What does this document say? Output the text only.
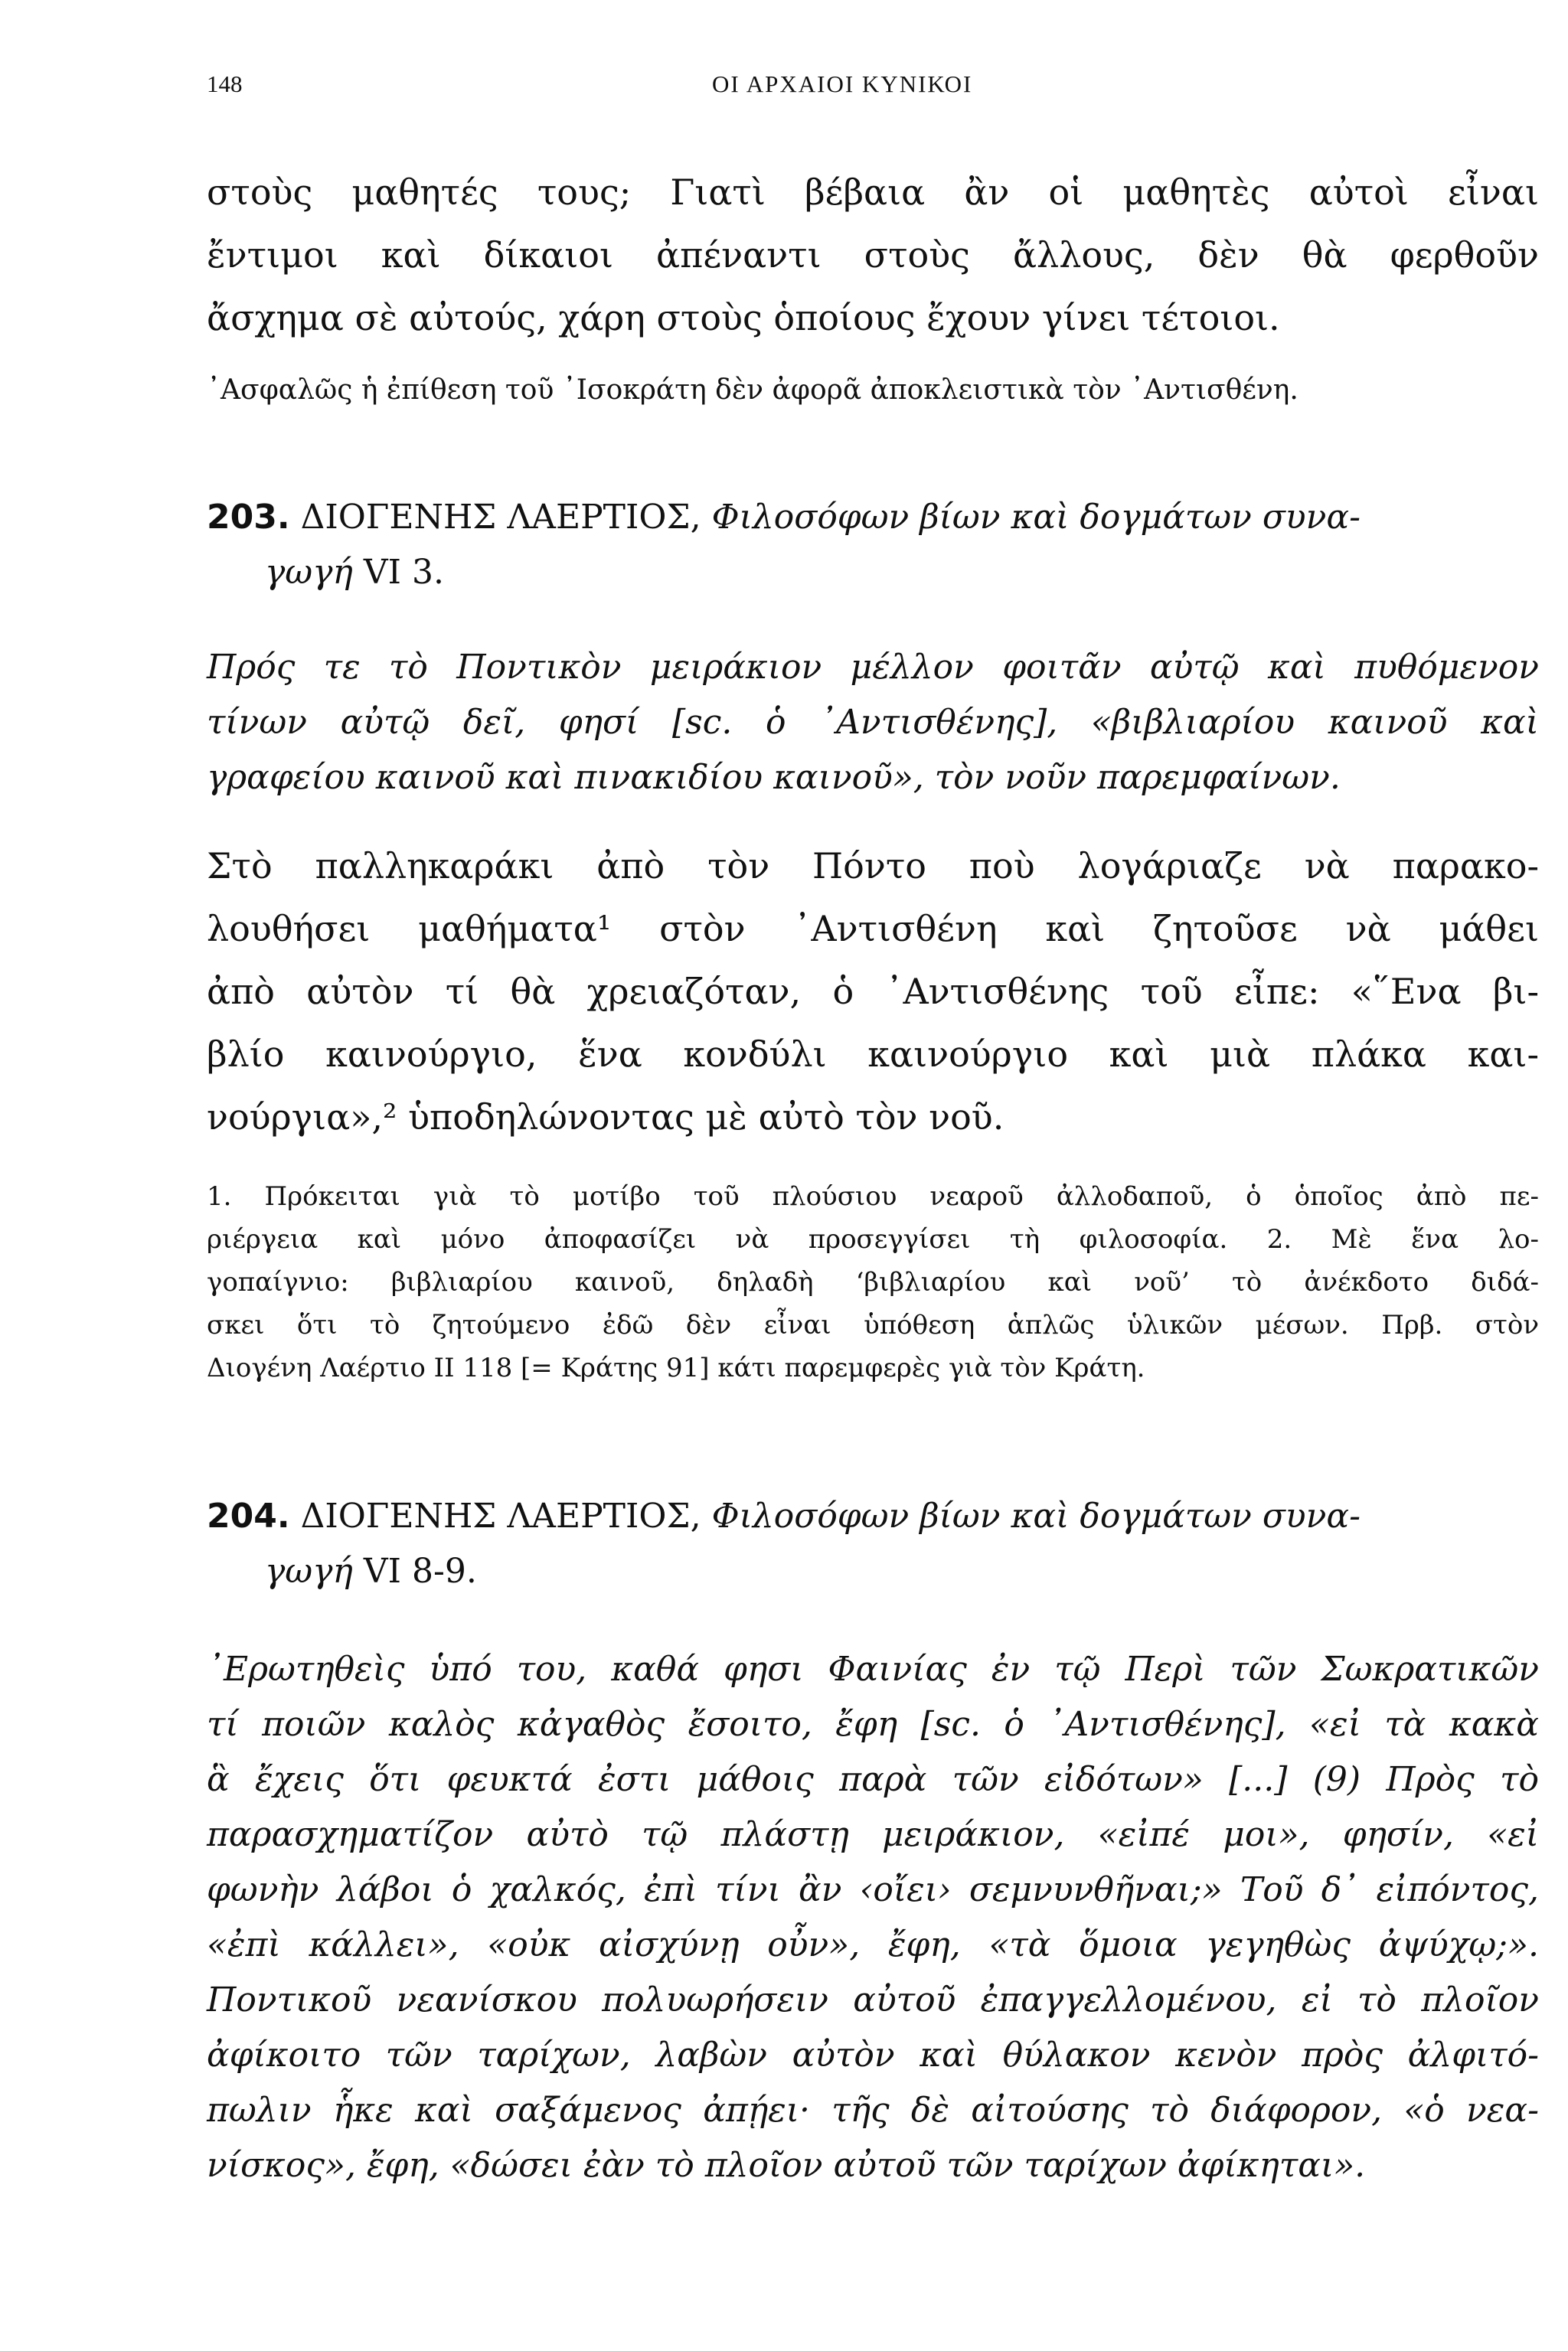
148	ΟΙ ΑΡΧΑΙΟΙ ΚΥΝΙΚΟΙ
στοὺς μαθητές τους; Γιατὶ βέβαια ἂν οἱ μαθητὲς αὐτοὶ εἶναι
ἔντιμοι καὶ δίκαιοι ἀπέναντι στοὺς ἄλλους, δὲν θὰ φερθοῦν
ἄσχημα σὲ αὐτούς, χάρη στοὺς ὁποίους ἔχουν γίνει τέτοιοι.
᾿Ασφαλῶς ἡ ἐπίθεση τοῦ ᾿Ισοκράτη δὲν ἀφορᾶ ἀποκλειστικὰ τὸν ᾿Αντισθένη.
203. ΔΙΟΓΕΝΗΣ ΛΑΕΡΤΙΟΣ, Φιλοσόφων βίων καὶ δογμάτων συνα-
γωγή VI 3.
Πρός τε τὸ Ποντικὸν μειράκιον μέλλον φοιτᾶν αὐτῷ καὶ πυθόμενον
τίνων αὐτῷ δεῖ, φησί [sc. ὁ ᾿Αντισθένης], «βιβλιαρίου καινοῦ καὶ
γραφείου καινοῦ καὶ πινακιδίου καινοῦ», τὸν νοῦν παρεμφαίνων.
Στὸ παλληκαράκι ἀπὸ τὸν Πόντο ποὺ λογάριαζε νὰ παρακο-
λουθήσει μαθήματα¹ στὸν ᾿Αντισθένη καὶ ζητοῦσε νὰ μάθει
ἀπὸ αὐτὸν τί θὰ χρειαζόταν, ὁ ᾿Αντισθένης τοῦ εἶπε: «῞Ενα βι-
βλίο καινούργιο, ἕνα κονδύλι καινούργιο καὶ μιὰ πλάκα και-
νούργια»,² ὑποδηλώνοντας μὲ αὐτὸ τὸν νοῦ.
1. Πρόκειται γιὰ τὸ μοτίβο τοῦ πλούσιου νεαροῦ ἀλλοδαποῦ, ὁ ὁποῖος ἀπὸ πε-
ριέργεια καὶ μόνο ἀποφασίζει νὰ προσεγγίσει τὴ φιλοσοφία. 2. Μὲ ἕνα λο-
γοπαίγνιο: βιβλιαρίου καινοῦ, δηλαδὴ ‘βιβλιαρίου καὶ νοῦ’ τὸ ἀνέκδοτο διδά-
σκει ὅτι τὸ ζητούμενο ἐδῶ δὲν εἶναι ὑπόθεση ἁπλῶς ὑλικῶν μέσων. Πρβ. στὸν
Διογένη Λαέρτιο ΙΙ 118 [= Κράτης 91] κάτι παρεμφερὲς γιὰ τὸν Κράτη.
204. ΔΙΟΓΕΝΗΣ ΛΑΕΡΤΙΟΣ, Φιλοσόφων βίων καὶ δογμάτων συνα-
γωγή VI 8-9.
᾿Ερωτηθεὶς ὑπό του, καθά φησι Φαινίας ἐν τῷ Περὶ τῶν Σωκρατικῶν
τί ποιῶν καλὸς κἀγαθὸς ἔσοιτο, ἔφη [sc. ὁ ᾿Αντισθένης], «εἰ τὰ κακὰ
ἃ ἔχεις ὅτι φευκτά ἐστι μάθοις παρὰ τῶν εἰδότων» [...] (9) Πρὸς τὸ
παρασχηματίζον αὐτὸ τῷ πλάστῃ μειράκιον, «εἰπέ μοι», φησίν, «εἰ
φωνὴν λάβοι ὁ χαλκός, ἐπὶ τίνι ἂν ‹οἴει› σεμνυνθῆναι;» Τοῦ δ᾿ εἰπόντος,
«ἐπὶ κάλλει», «οὐκ αἰσχύνῃ οὖν», ἔφη, «τὰ ὅμοια γεγηθὼς ἀψύχῳ;».
Ποντικοῦ νεανίσκου πολυωρήσειν αὐτοῦ ἐπαγγελλομένου, εἰ τὸ πλοῖον
ἀφίκοιτο τῶν ταρίχων, λαβὼν αὐτὸν καὶ θύλακον κενὸν πρὸς ἀλφιτό-
πωλιν ἧκε καὶ σαξάμενος ἀπῄει· τῆς δὲ αἰτούσης τὸ διάφορον, «ὁ νεα-
νίσκος», ἔφη, «δώσει ἐὰν τὸ πλοῖον αὐτοῦ τῶν ταρίχων ἀφίκηται».
